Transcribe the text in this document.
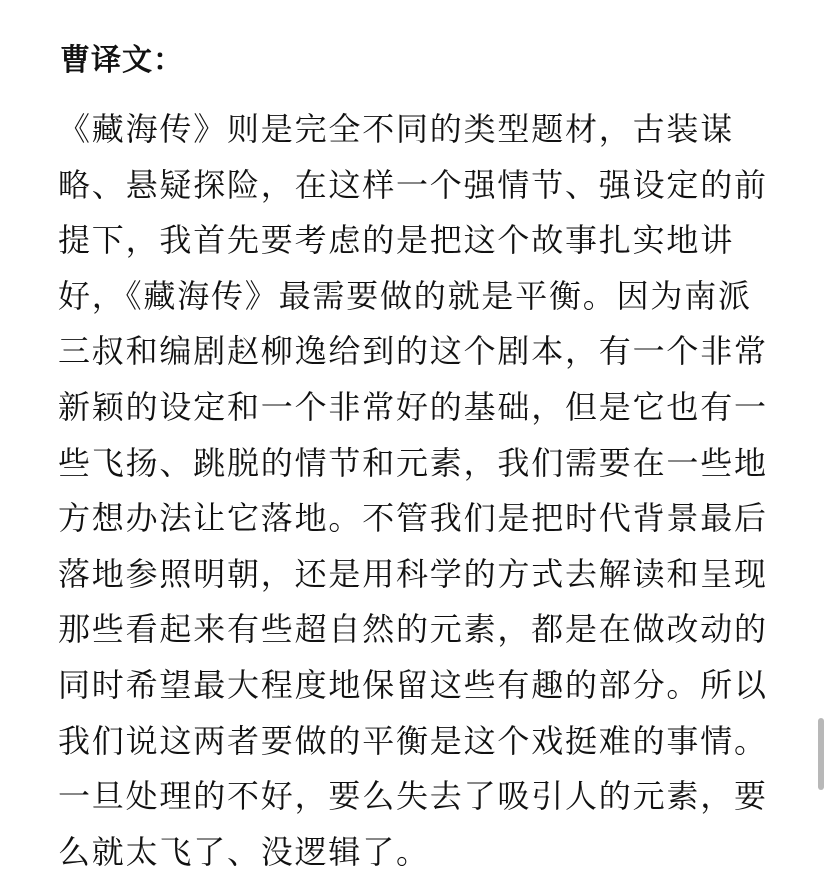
曹译文：
《藏海传》则是完全不同的类型题材，古装谋
略、悬疑探险，在这样一个强情节、强设定的前
提下，我首先要考虑的是把这个故事扎实地讲
好，《藏海传》最需要做的就是平衡。因为南派
三叔和编剧赵柳逸给到的这个剧本，有一个非常
新颖的设定和一个非常好的基础，但是它也有一
些飞扬、跳脱的情节和元素，我们需要在一些地
方想办法让它落地。不管我们是把时代背景最后
落地参照明朝，还是用科学的方式去解读和呈现
那些看起来有些超自然的元素，都是在做改动的
同时希望最大程度地保留这些有趣的部分。所以
我们说这两者要做的平衡是这个戏挺难的事情。
一旦处理的不好，要么失去了吸引人的元素，要
么就太飞了、没逻辑了。
